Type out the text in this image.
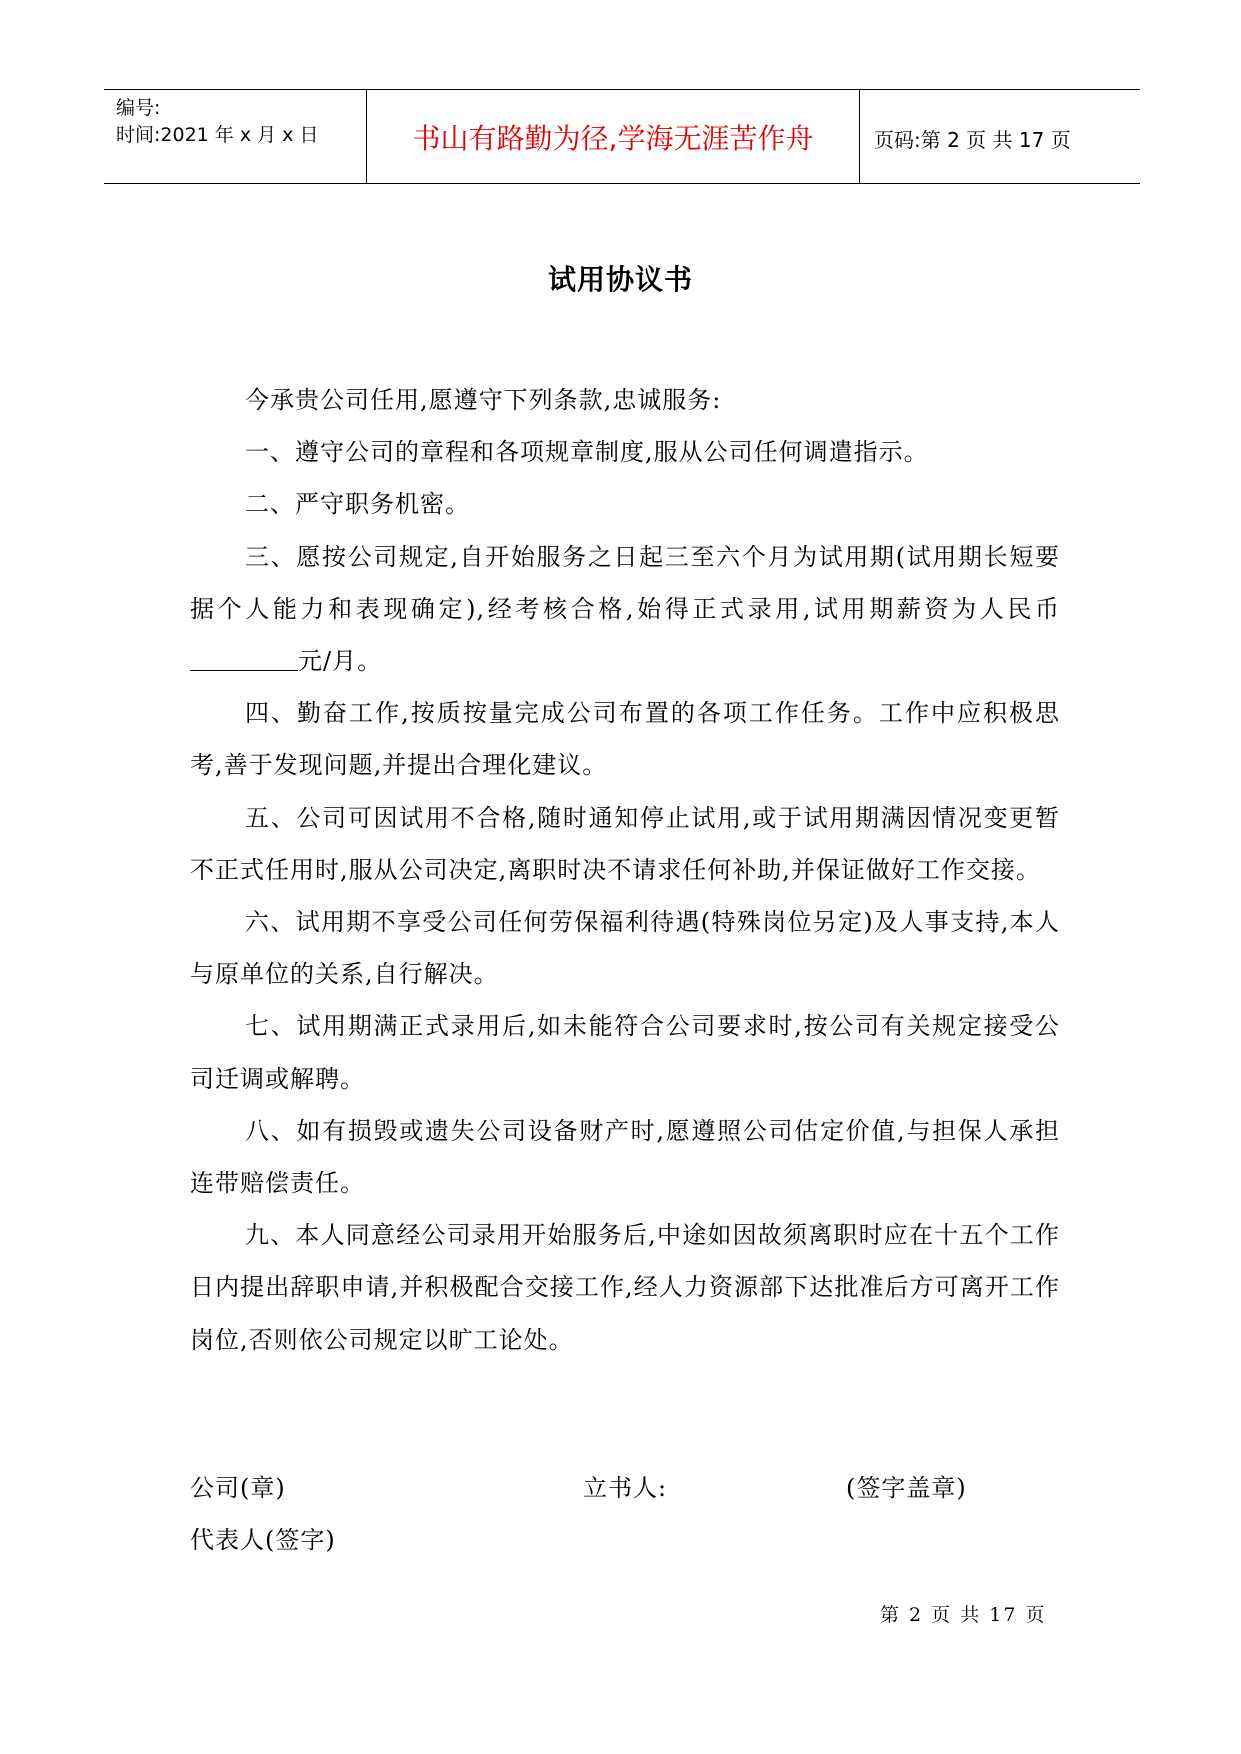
编号:
时间:2021 年 x 月 x 日	书山有路勤为径,学海无涯苦作舟	页码:第 2 页 共 17 页
试用协议书

今承贵公司任用,愿遵守下列条款,忠诚服务:

一、遵守公司的章程和各项规章制度,服从公司任何调遣指示。

二、严守职务机密。

三、愿按公司规定,自开始服务之日起三至六个月为试用期(试用期长短要据个人能力和表现确定),经考核合格,始得正式录用,试用期薪资为人民币元/月。

四、勤奋工作,按质按量完成公司布置的各项工作任务。工作中应积极思考,善于发现问题,并提出合理化建议。

五、公司可因试用不合格,随时通知停止试用,或于试用期满因情况变更暂不正式任用时,服从公司决定,离职时决不请求任何补助,并保证做好工作交接。

六、试用期不享受公司任何劳保福利待遇(特殊岗位另定)及人事支持,本人与原单位的关系,自行解决。

七、试用期满正式录用后,如未能符合公司要求时,按公司有关规定接受公司迁调或解聘。

八、如有损毁或遗失公司设备财产时,愿遵照公司估定价值,与担保人承担连带赔偿责任。

九、本人同意经公司录用开始服务后,中途如因故须离职时应在十五个工作日内提出辞职申请,并积极配合交接工作,经人力资源部下达批准后方可离开工作岗位,否则依公司规定以旷工论处。

公司(章)	立书人:	(签字盖章)
代表人(签字)
第 2 页 共 17 页
